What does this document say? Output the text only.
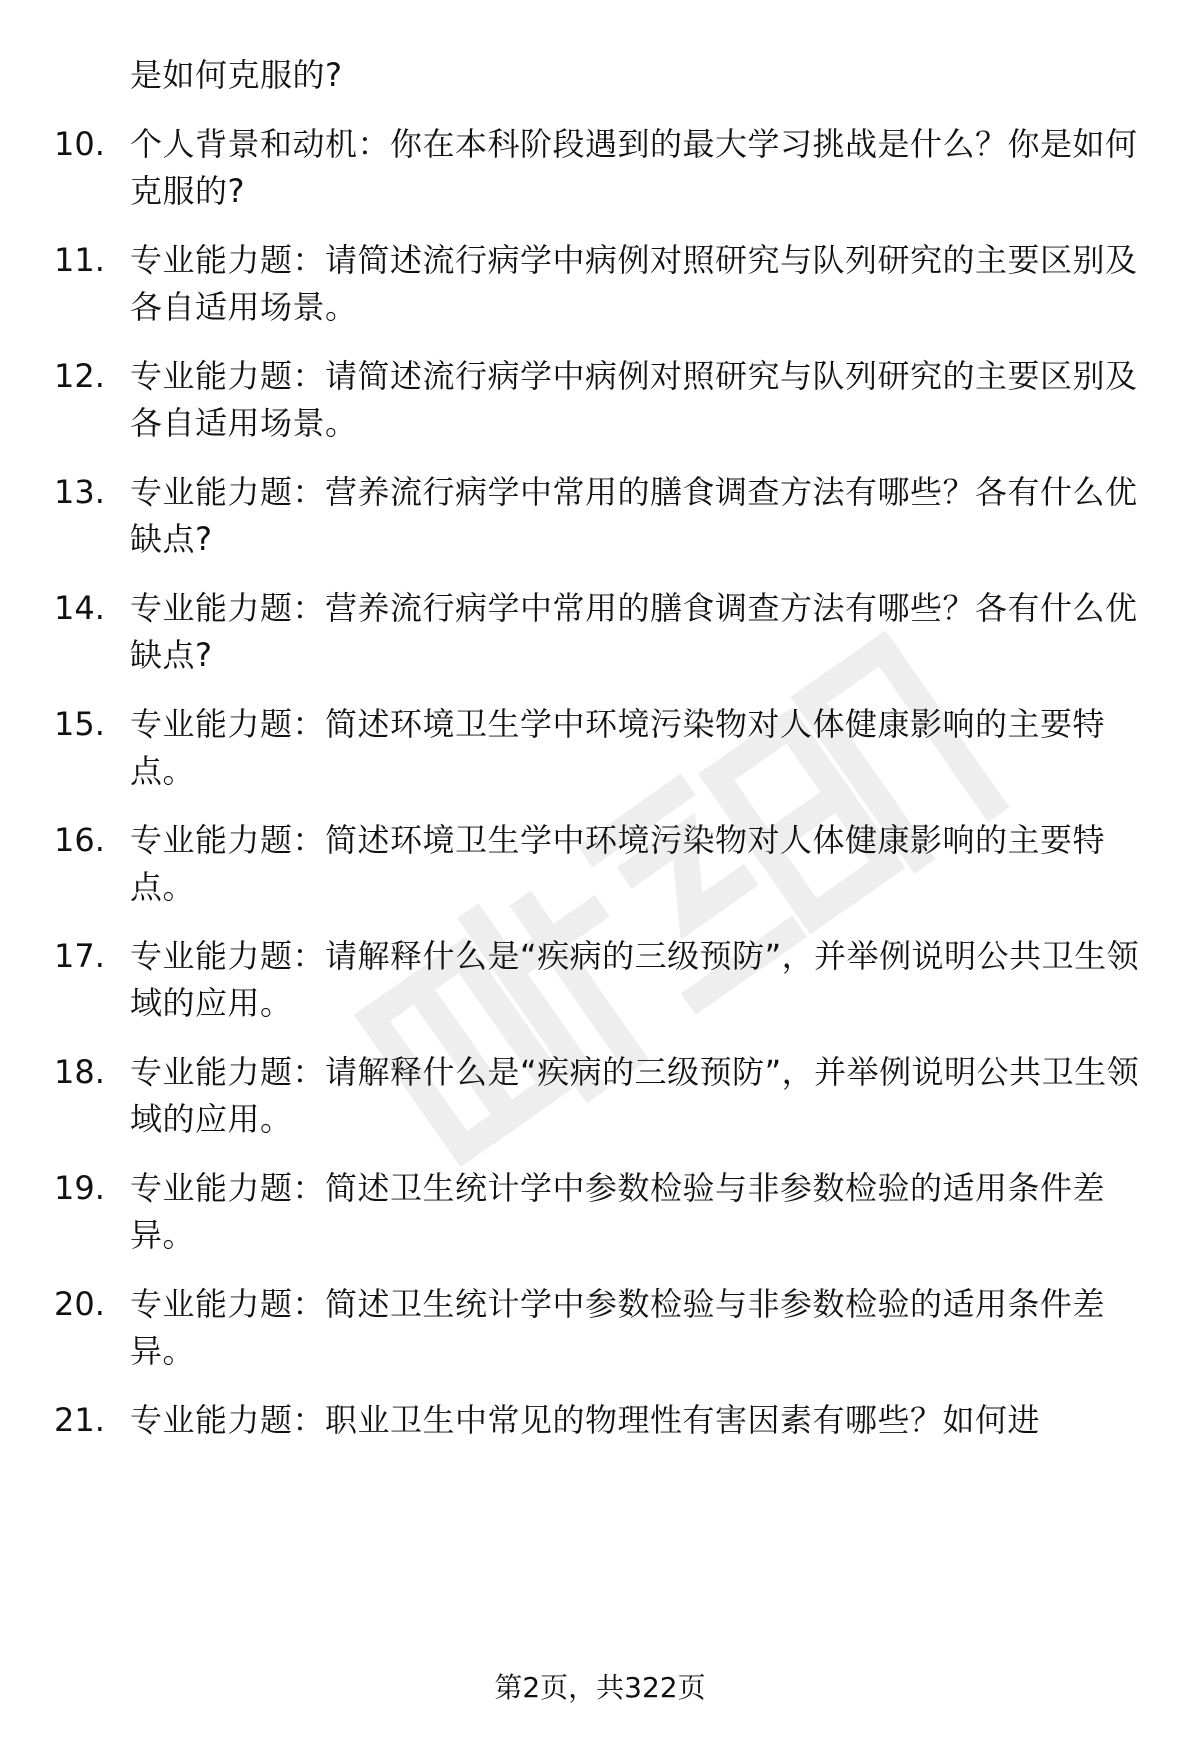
是如何克服的?
10. 个人背景和动机：你在本科阶段遇到的最大学习挑战是什么？你是如何克服的?
11. 专业能力题：请简述流行病学中病例对照研究与队列研究的主要区别及各自适用场景。
12. 专业能力题：请简述流行病学中病例对照研究与队列研究的主要区别及各自适用场景。
13. 专业能力题：营养流行病学中常用的膳食调查方法有哪些？各有什么优缺点?
14. 专业能力题：营养流行病学中常用的膳食调查方法有哪些？各有什么优缺点?
15. 专业能力题：简述环境卫生学中环境污染物对人体健康影响的主要特点。
16. 专业能力题：简述环境卫生学中环境污染物对人体健康影响的主要特点。
17. 专业能力题：请解释什么是“疾病的三级预防”，并举例说明公共卫生领域的应用。
18. 专业能力题：请解释什么是“疾病的三级预防”，并举例说明公共卫生领域的应用。
19. 专业能力题：简述卫生统计学中参数检验与非参数检验的适用条件差异。
20. 专业能力题：简述卫生统计学中参数检验与非参数检验的适用条件差异。
21. 专业能力题：职业卫生中常见的物理性有害因素有哪些？如何进
第2页，共322页
